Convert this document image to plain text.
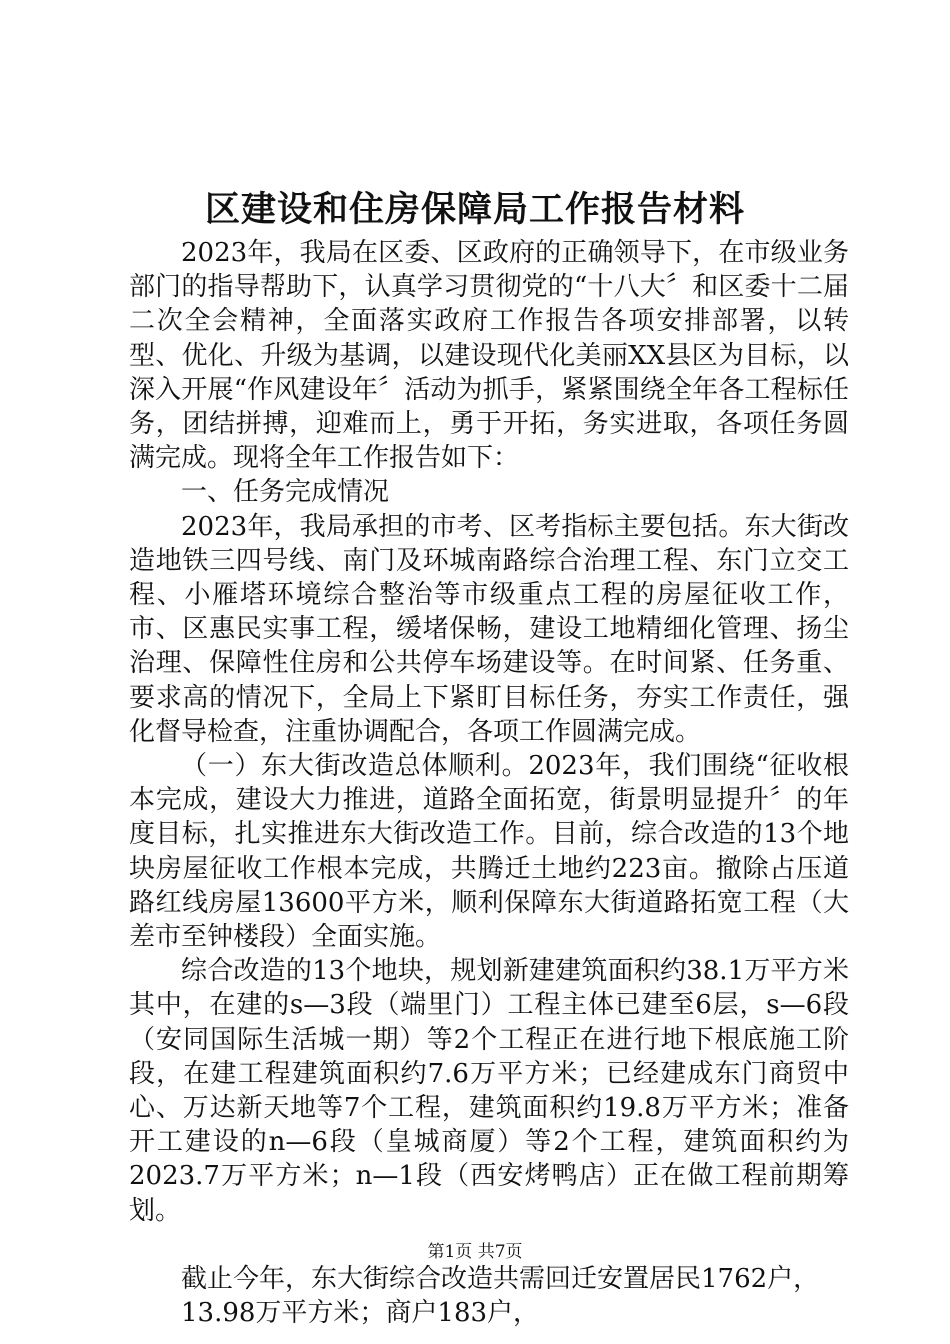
区建设和住房保障局工作报告材料

2023年，我局在区委、区政府的正确领导下，在市级业务部门的指导帮助下，认真学习贯彻党的“十八大〞和区委十二届二次全会精神，全面落实政府工作报告各项安排部署，以转型、优化、升级为基调，以建设现代化美丽XX县区为目标，以深入开展“作风建设年〞活动为抓手，紧紧围绕全年各工程标任务，团结拼搏，迎难而上，勇于开拓，务实进取，各项任务圆满完成。现将全年工作报告如下：

一、任务完成情况

2023年，我局承担的市考、区考指标主要包括。东大街改造地铁三四号线、南门及环城南路综合治理工程、东门立交工程、小雁塔环境综合整治等市级重点工程的房屋征收工作，市、区惠民实事工程，缓堵保畅，建设工地精细化管理、扬尘治理、保障性住房和公共停车场建设等。在时间紧、任务重、要求高的情况下，全局上下紧盯目标任务，夯实工作责任，强化督导检查，注重协调配合，各项工作圆满完成。

（一）东大街改造总体顺利。2023年，我们围绕“征收根本完成，建设大力推进，道路全面拓宽，街景明显提升〞的年度目标，扎实推进东大街改造工作。目前，综合改造的13个地块房屋征收工作根本完成，共腾迁土地约223亩。撤除占压道路红线房屋13600平方米，顺利保障东大街道路拓宽工程（大差市至钟楼段）全面实施。

综合改造的13个地块，规划新建建筑面积约38.1万平方米其中，在建的s—3段（端里门）工程主体已建至6层，s—6段（安同国际生活城一期）等2个工程正在进行地下根底施工阶段，在建工程建筑面积约7.6万平方米；已经建成东门商贸中心、万达新天地等7个工程，建筑面积约19.8万平方米；准备开工建设的n—6段（皇城商厦）等2个工程，建筑面积约为2023.7万平方米；n—1段（西安烤鸭店）正在做工程前期筹划。

截止今年，东大街综合改造共需回迁安置居民1762户，

13.98万平方米；商户183户，

第1页 共7页
